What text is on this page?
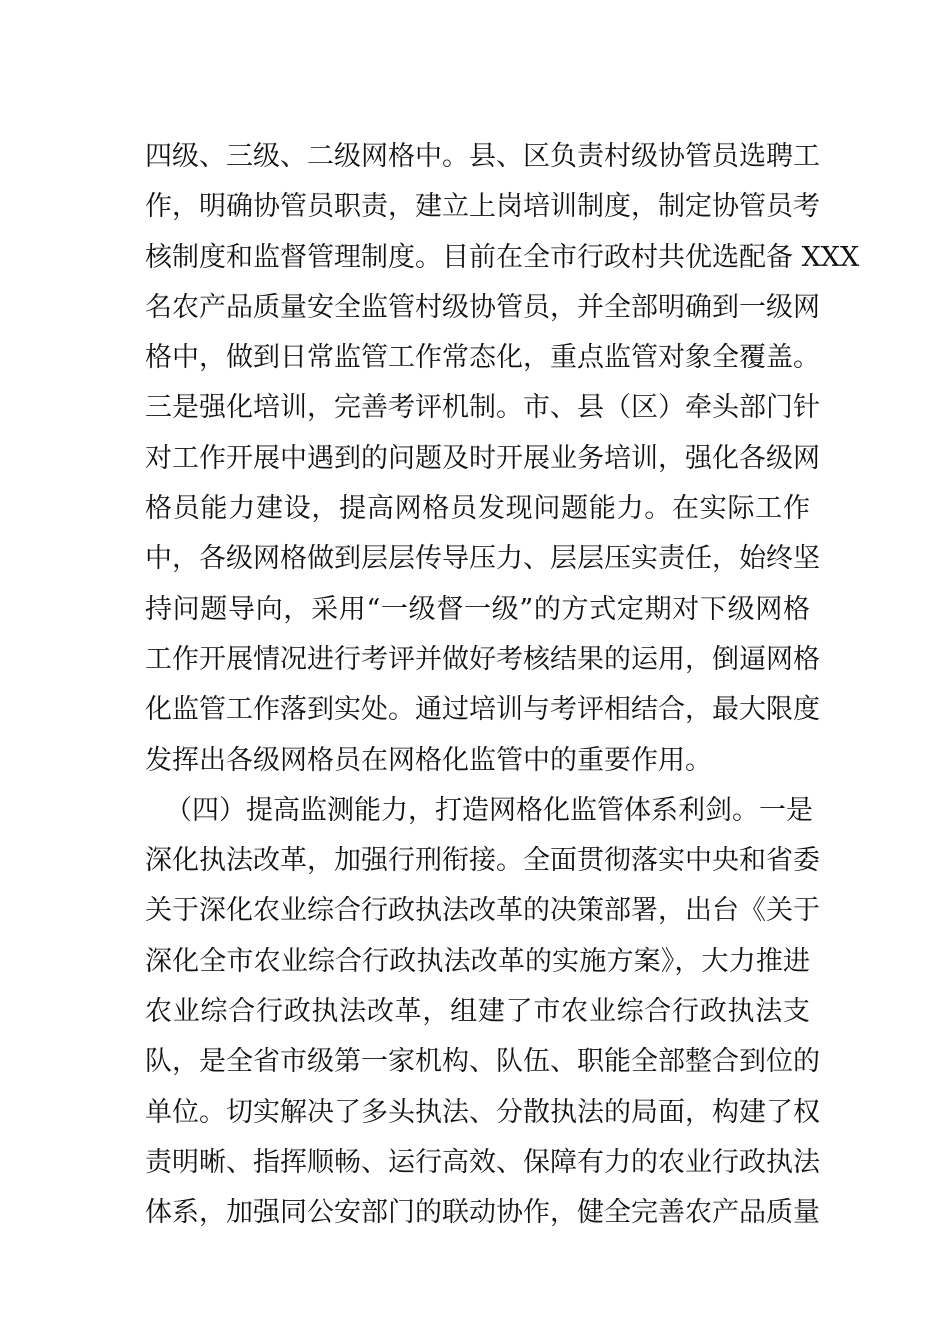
四级、三级、二级网格中。县、区负责村级协管员选聘工
作，明确协管员职责，建立上岗培训制度，制定协管员考
核制度和监督管理制度。目前在全市行政村共优选配备 XXX
名农产品质量安全监管村级协管员，并全部明确到一级网
格中，做到日常监管工作常态化，重点监管对象全覆盖。
三是强化培训，完善考评机制。市、县（区）牵头部门针
对工作开展中遇到的问题及时开展业务培训，强化各级网
格员能力建设，提高网格员发现问题能力。在实际工作
中，各级网格做到层层传导压力、层层压实责任，始终坚
持问题导向，采用“一级督一级”的方式定期对下级网格
工作开展情况进行考评并做好考核结果的运用，倒逼网格
化监管工作落到实处。通过培训与考评相结合，最大限度
发挥出各级网格员在网格化监管中的重要作用。
（四）提高监测能力，打造网格化监管体系利剑。一是
深化执法改革，加强行刑衔接。全面贯彻落实中央和省委
关于深化农业综合行政执法改革的决策部署，出台《关于
深化全市农业综合行政执法改革的实施方案》，大力推进
农业综合行政执法改革，组建了市农业综合行政执法支
队，是全省市级第一家机构、队伍、职能全部整合到位的
单位。切实解决了多头执法、分散执法的局面，构建了权
责明晰、指挥顺畅、运行高效、保障有力的农业行政执法
体系，加强同公安部门的联动协作，健全完善农产品质量
